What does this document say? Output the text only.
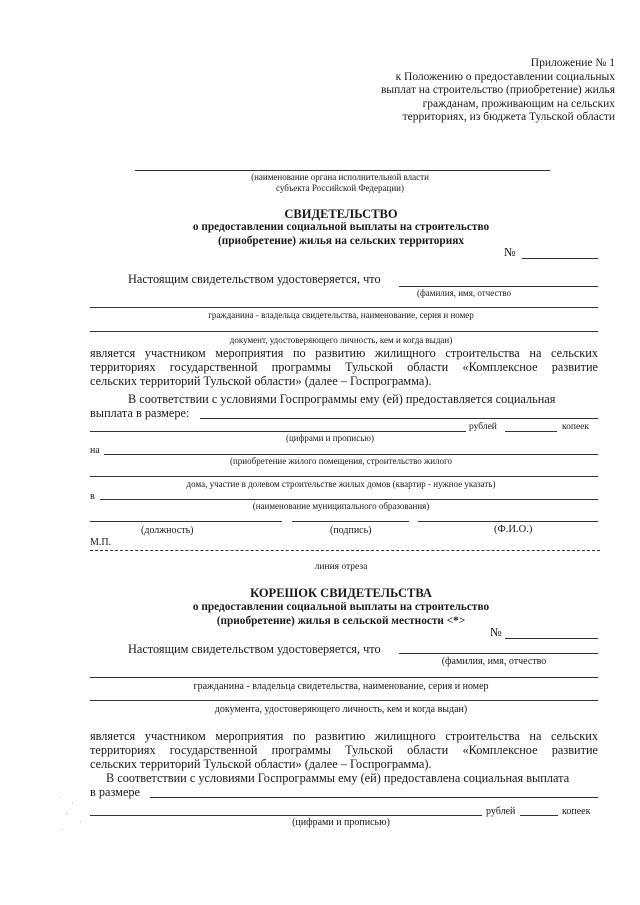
Приложение № 1
к Положению о предоставлении социальных
выплат на строительство (приобретение) жилья
гражданам, проживающим на сельских
территориях, из бюджета Тульской области
(наименование органа исполнительной власти
субъекта Российской Федерации)
СВИДЕТЕЛЬСТВО
о предоставлении социальной выплаты на строительство
(приобретение) жилья на сельских территориях
№
Настоящим свидетельством удостоверяется, что
(фамилия, имя, отчество
гражданина - владельца свидетельства, наименование, серия и номер
документ, удостоверяющего личность, кем и когда выдан)
является участником мероприятия по развитию жилищного строительства на сельских
территориях государственной программы Тульской области «Комплексное развитие
сельских территорий Тульской области» (далее – Госпрограмма).
В соответствии с условиями Госпрограммы ему (ей) предоставляется социальная
выплата в размере:
рублей	копеек
(цифрами и прописью)
на
(приобретение жилого помещения, строительство жилого
дома, участие в долевом строительстве жилых домов (квартир - нужное указать)
в
(наименование муниципального образования)
(должность)	(подпись)	(Ф.И.О.)
М.П.
линия отреза
КОРЕШОК СВИДЕТЕЛЬСТВА
о предоставлении социальной выплаты на строительство
(приобретение) жилья в сельской местности <*>
№
Настоящим свидетельством удостоверяется, что
(фамилия, имя, отчество
гражданина - владельца свидетельства, наименование, серия и номер
документа, удостоверяющего личность, кем и когда выдан)
является участником мероприятия по развитию жилищного строительства на сельских
территориях государственной программы Тульской области «Комплексное развитие
сельских территорий Тульской области» (далее – Госпрограмма).
В соответствии с условиями Госпрограммы ему (ей) предоставлена социальная выплата
в размере
рублей	копеек
(цифрами и прописью)
